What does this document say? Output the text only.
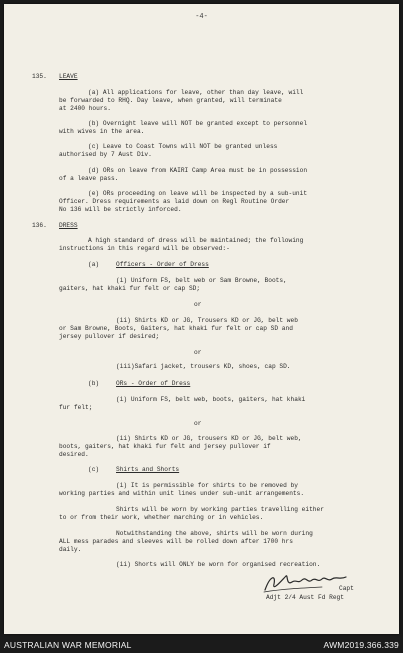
-4-

135. LEAVE

(a) All applications for leave, other than day leave, will

be forwarded to RHQ. Day leave, when granted, will terminate

at 2400 hours.

(b) Overnight leave will NOT be granted except to personnel

with wives in the area.

(c) Leave to Coast Towns will NOT be granted unless

authorised by 7 Aust Div.

(d) ORs on leave from KAIRI Camp Area must be in possession

of a leave pass.

(e) ORs proceeding on leave will be inspected by a sub-unit

Officer. Dress requirements as laid down on Regl Routine Order

No 136 will be strictly inforced.

136. DRESS

A high standard of dress will be maintained; the following

instructions in this regard will be observed:-

(a)	Officers - Order of Dress

(i) Uniform FS, belt web or Sam Browne, Boots,

gaiters, hat khaki fur felt or cap SD;

or

(ii) Shirts KD or JG, Trousers KD or JG, belt web

or Sam Browne, Boots, Gaiters, hat khaki fur felt or cap SD and

jersey pullover if desired;

or

(iii)Safari jacket, trousers KD, shoes, cap SD.

(b)	ORs - Order of Dress

(i) Uniform FS, belt web, boots, gaiters, hat khaki

fur felt;

or

(ii) Shirts KD or JG, trousers KD or JG, belt web,

boots, gaiters, hat khaki fur felt and jersey pullover if

desired.

(c)	Shirts and Shorts

(i) It is permissible for shirts to be removed by

working parties and within unit lines under sub-unit arrangements.

Shirts will be worn by working parties travelling either

to or from their work, whether marching or in vehicles.

Notwithstanding the above, shirts will be worn during

ALL mess parades and sleeves will be rolled down after 1700 hrs

daily.

(ii) Shorts will ONLY be worn for organised recreation.

Capt

Adjt 2/4 Aust Fd Regt

AUSTRALIAN WAR MEMORIAL	AWM2019.366.339
